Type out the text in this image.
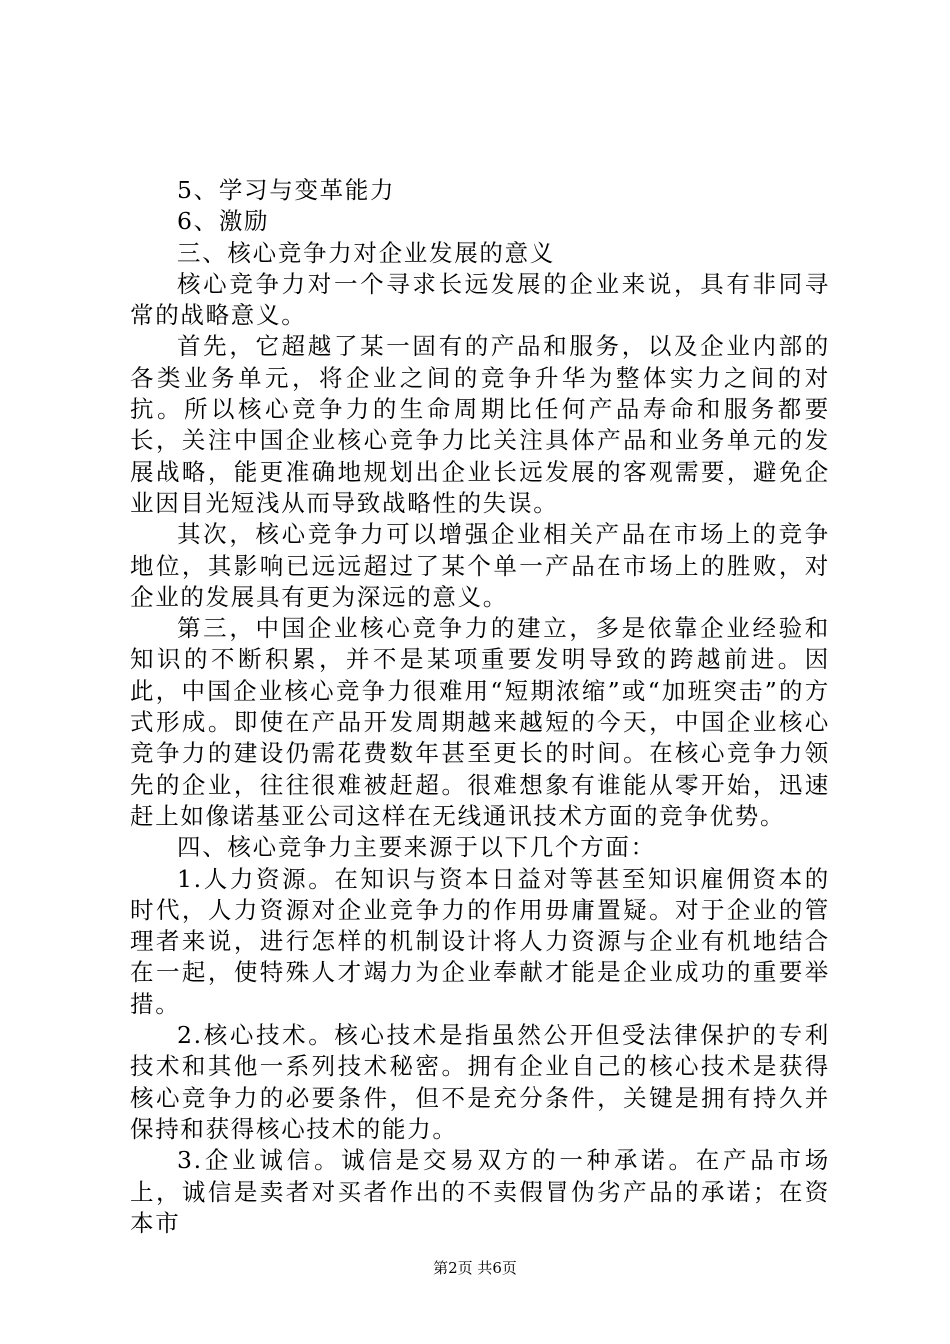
5、学习与变革能力

6、激励

三、核心竞争力对企业发展的意义

核心竞争力对一个寻求长远发展的企业来说，具有非同寻常的战略意义。

首先，它超越了某一固有的产品和服务，以及企业内部的各类业务单元，将企业之间的竞争升华为整体实力之间的对抗。所以核心竞争力的生命周期比任何产品寿命和服务都要长，关注中国企业核心竞争力比关注具体产品和业务单元的发展战略，能更准确地规划出企业长远发展的客观需要，避免企业因目光短浅从而导致战略性的失误。

其次，核心竞争力可以增强企业相关产品在市场上的竞争地位，其影响已远远超过了某个单一产品在市场上的胜败，对企业的发展具有更为深远的意义。

第三，中国企业核心竞争力的建立，多是依靠企业经验和知识的不断积累，并不是某项重要发明导致的跨越前进。因此，中国企业核心竞争力很难用“短期浓缩”或“加班突击”的方式形成。即使在产品开发周期越来越短的今天，中国企业核心竞争力的建设仍需花费数年甚至更长的时间。在核心竞争力领先的企业，往往很难被赶超。很难想象有谁能从零开始，迅速赶上如像诺基亚公司这样在无线通讯技术方面的竞争优势。

四、核心竞争力主要来源于以下几个方面：

1.人力资源。在知识与资本日益对等甚至知识雇佣资本的时代，人力资源对企业竞争力的作用毋庸置疑。对于企业的管理者来说，进行怎样的机制设计将人力资源与企业有机地结合在一起，使特殊人才竭力为企业奉献才能是企业成功的重要举措。

2.核心技术。核心技术是指虽然公开但受法律保护的专利技术和其他一系列技术秘密。拥有企业自己的核心技术是获得核心竞争力的必要条件，但不是充分条件，关键是拥有持久并保持和获得核心技术的能力。

3.企业诚信。诚信是交易双方的一种承诺。在产品市场上，诚信是卖者对买者作出的不卖假冒伪劣产品的承诺；在资本市

第2页 共6页
